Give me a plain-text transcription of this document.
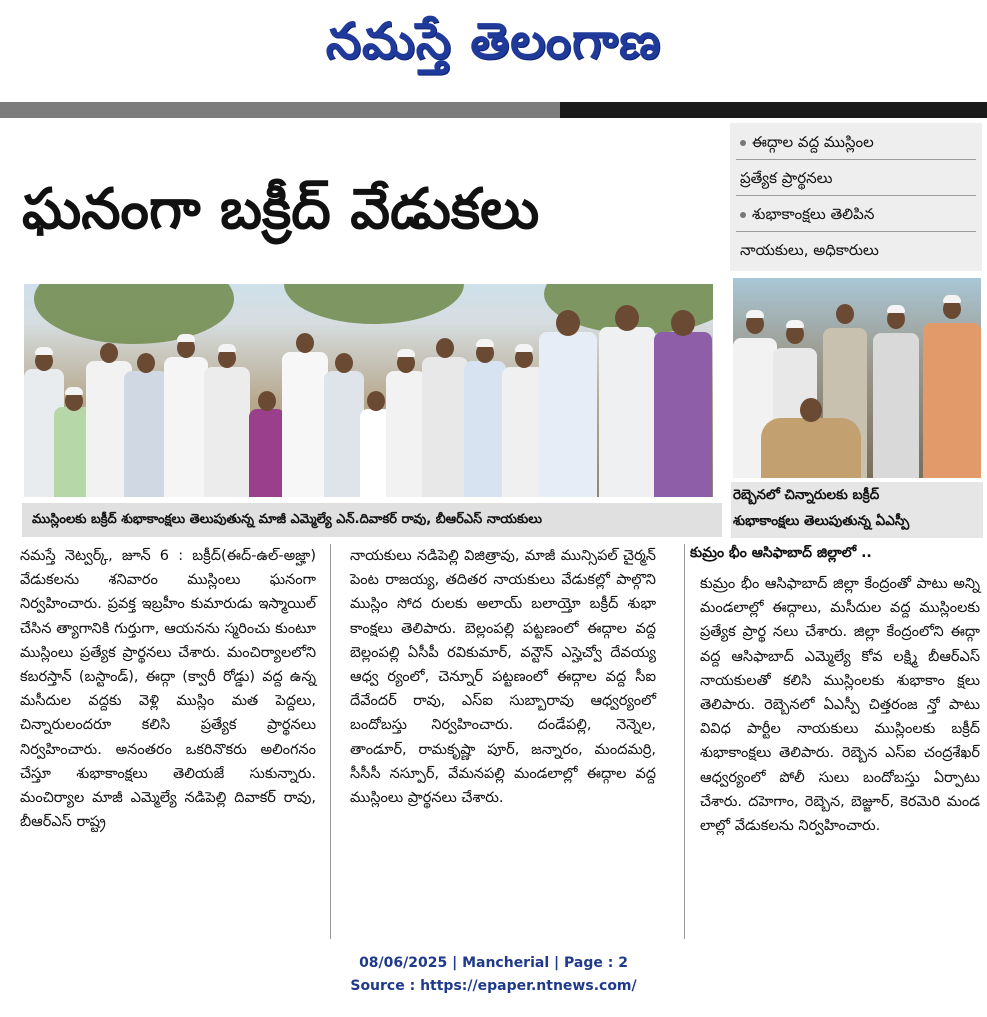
నమస్తే తెలంగాణ
ఘనంగా బక్రీద్ వేడుకలు
ఈద్గాల వద్ద ముస్లింల
ప్రత్యేక ప్రార్థనలు
శుభాకాంక్షలు తెలిపిన
నాయకులు, అధికారులు
ముస్లింలకు బక్రీద్ శుభాకాంక్షలు తెలుపుతున్న మాజీ ఎమ్మెల్యే ఎన్.దివాకర్ రావు, బీఆర్ఎస్ నాయకులు
రెబ్బెనలో చిన్నారులకు బక్రీద్
శుభాకాంక్షలు తెలుపుతున్న ఏఎస్పీ
కుమ్రం భీం ఆసిఫాబాద్ జిల్లాలో ..

నమస్తే నెట్వర్క్, జూన్ 6 : బక్రీద్(ఈద్-ఉల్-అజ్హా) వేడుకలను శనివారం ముస్లింలు ఘనంగా నిర్వహించారు. ప్రవక్త ఇబ్రహీం కుమారుడు ఇస్మాయిల్ చేసిన త్యాగానికి గుర్తుగా, ఆయనను స్మరించు కుంటూ ముస్లింలు ప్రత్యేక ప్రార్థనలు చేశారు. మంచిర్యాలలోని కబరస్తాన్ (బస్టాండ్), ఈద్గా (క్వారీ రోడ్డు) వద్ద ఉన్న మసీదుల వద్దకు వెళ్లి ముస్లిం మత పెద్దలు, చిన్నారులందరూ కలిసి ప్రత్యేక ప్రార్థనలు నిర్వహించారు. అనంతరం ఒకరినొకరు అలింగనం చేస్తూ శుభాకాంక్షలు తెలియజే సుకున్నారు. మంచిర్యాల మాజీ ఎమ్మెల్యే నడిపెల్లి దివాకర్ రావు, బీఆర్ఎస్ రాష్ట్ర

నాయకులు నడిపెల్లి విజిత్రావు, మాజీ మున్సిపల్ చైర్మన్ పెంట రాజయ్య, తదితర నాయకులు వేడుకల్లో పాల్గొని ముస్లిం సోద రులకు అలాయ్ బలాయ్తో బక్రీద్ శుభా కాంక్షలు తెలిపారు. బెల్లంపల్లి పట్టణంలో ఈద్గాల వద్ద బెల్లంపల్లి ఏసీపీ రవికుమార్, వన్టౌన్ ఎస్హెచ్వో దేవయ్య ఆధ్వ ర్యంలో, చెన్నూర్ పట్టణంలో ఈద్గాల వద్ద సీఐ దేవేందర్ రావు, ఎస్ఐ సుబ్బారావు ఆధ్వర్యంలో బందోబస్తు నిర్వహించారు. దండేపల్లి, నెన్నెల, తాండూర్, రామకృష్ణా పూర్, జన్నారం, మందమర్రి, సీసీసీ నస్పూర్, వేమనపల్లి మండలాల్లో ఈద్గాల వద్ద ముస్లింలు ప్రార్థనలు చేశారు.

కుమ్రం భీం ఆసిఫాబాద్ జిల్లా కేంద్రంతో పాటు అన్ని మండలాల్లో ఈద్గాలు, మసీదుల వద్ద ముస్లింలకు ప్రత్యేక ప్రార్థ నలు చేశారు. జిల్లా కేంద్రంలోని ఈద్గా వద్ద ఆసిఫాబాద్ ఎమ్మెల్యే కోవ లక్ష్మి బీఆర్ఎస్ నాయకులతో కలిసి ముస్లింలకు శుభాకాం క్షలు తెలిపారు. రెబ్బెనలో ఏఎస్పీ చిత్తరంజ న్తో పాటు వివిధ పార్టీల నాయకులు ముస్లింలకు బక్రీద్ శుభాకాంక్షలు తెలిపారు. రెబ్బెన ఎస్ఐ చంద్రశేఖర్ ఆధ్వర్యంలో పోలీ సులు బందోబస్తు ఏర్పాటు చేశారు. దహెగాం, రెబ్బెన, బెజ్జూర్, కెరమెరి మండ లాల్లో వేడుకలను నిర్వహించారు.

08/06/2025 | Mancherial | Page : 2
Source : https://epaper.ntnews.com/
